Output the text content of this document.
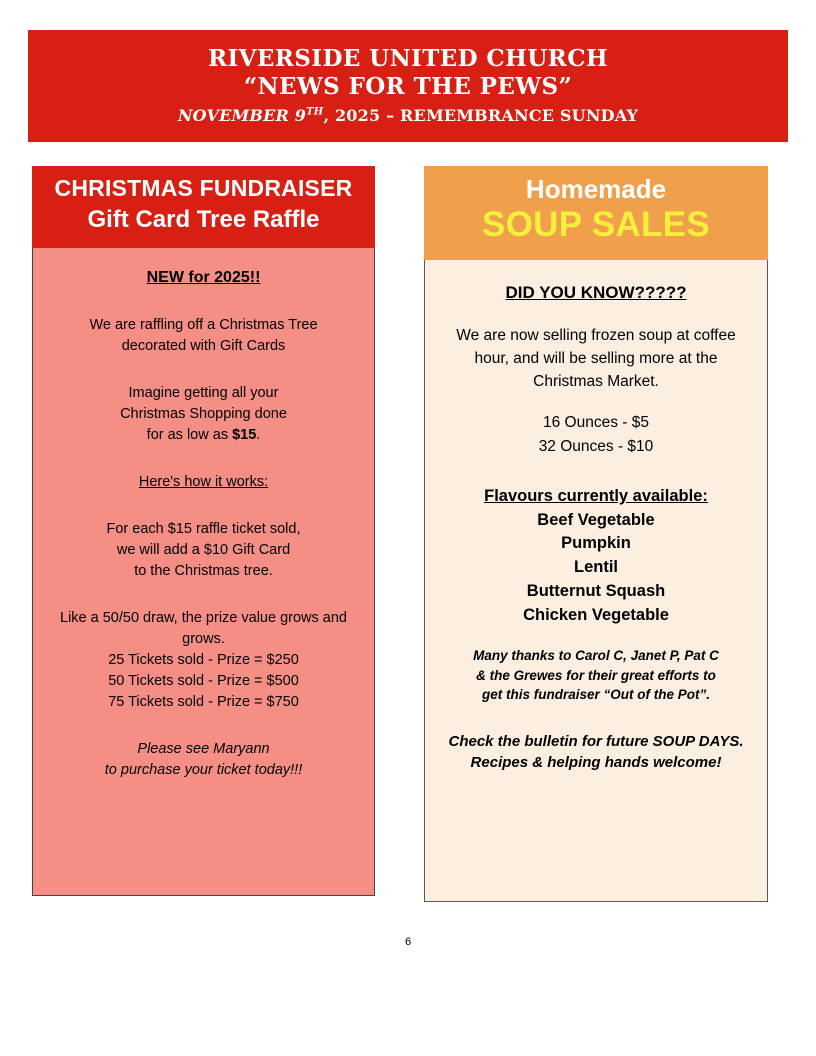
RIVERSIDE UNITED CHURCH
“NEWS FOR THE PEWS”
NOVEMBER 9TH, 2025 – REMEMBRANCE SUNDAY
CHRISTMAS FUNDRAISER
Gift Card Tree Raffle
NEW for 2025!!
We are raffling off a Christmas Tree
decorated with Gift Cards
Imagine getting all your
Christmas Shopping done
for as low as $15.
Here's how it works:
For each $15 raffle ticket sold,
we will add a $10 Gift Card
to the Christmas tree.
Like a 50/50 draw, the prize value grows and
grows.
25 Tickets sold - Prize = $250
50 Tickets sold - Prize = $500
75 Tickets sold - Prize = $750
Please see Maryann
to purchase your ticket today!!!
Homemade
SOUP SALES
DID YOU KNOW?????
We are now selling frozen soup at coffee
hour, and will be selling more at the
Christmas Market.
16 Ounces - $5
32 Ounces - $10
Flavours currently available:
Beef Vegetable
Pumpkin
Lentil
Butternut Squash
Chicken Vegetable
Many thanks to Carol C, Janet P, Pat C
& the Grewes for their great efforts to
get this fundraiser “Out of the Pot”.
Check the bulletin for future SOUP DAYS.
Recipes & helping hands welcome!
6
